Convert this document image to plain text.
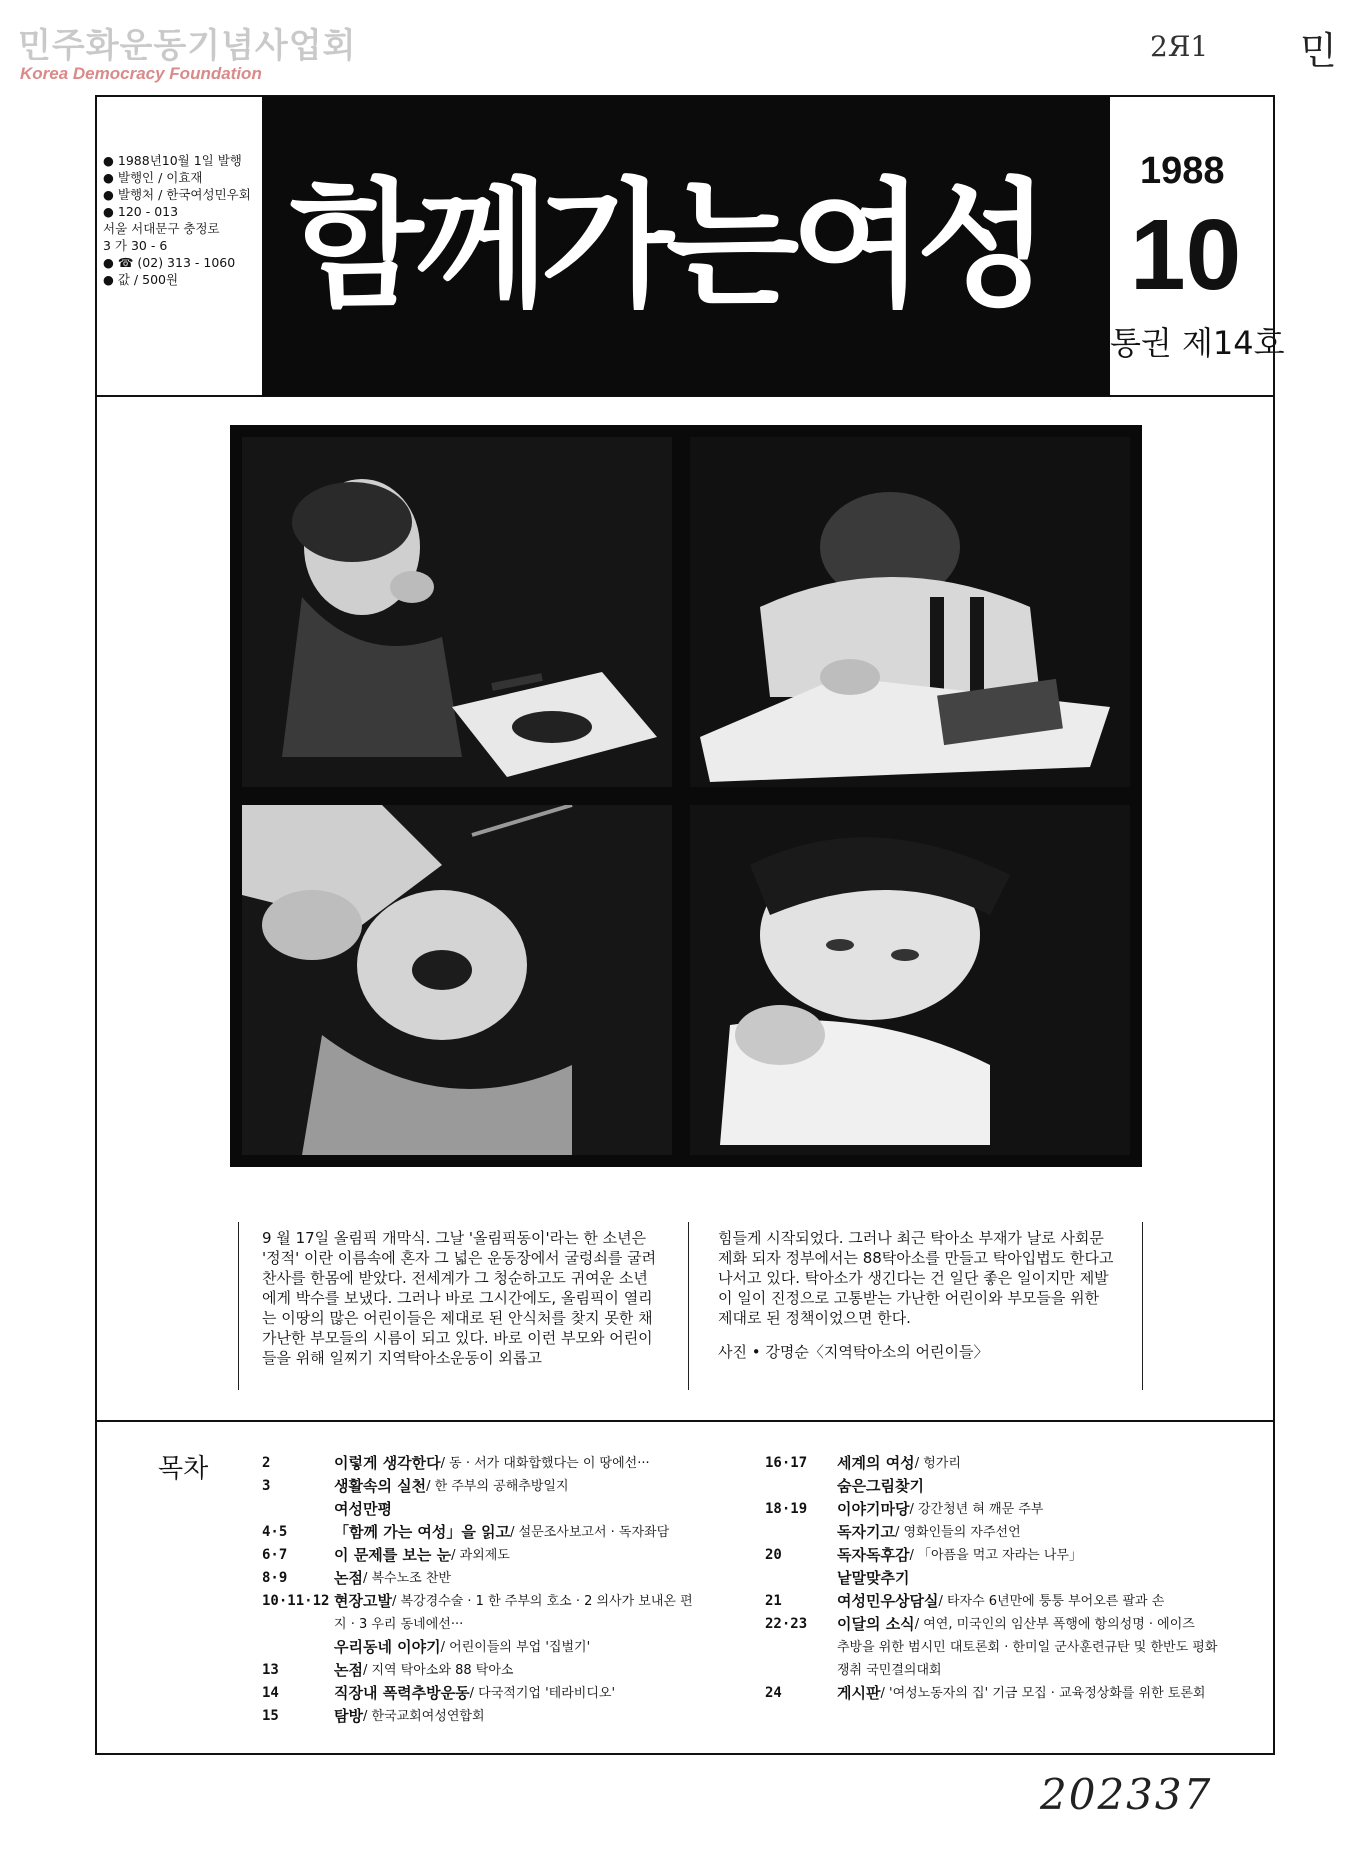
민주화운동기념사업회
Korea Democracy Foundation
2Я1 민
● 1988년10월 1일 발행
● 발행인 / 이효재
● 발행처 / 한국여성민우회
● 120 - 013
서울 서대문구 충정로
3 가 30 - 6
● ☎ (02) 313 - 1060
● 값 / 500원 함께가는여성	1988
10
통권 제14호
9 월 17일 올림픽 개막식. 그날 '올림픽동이'라는 한 소년은 '정적' 이란 이름속에 혼자 그 넓은 운동장에서 굴렁쇠를 굴려 찬사를 한몸에 받았다. 전세계가 그 청순하고도 귀여운 소년에게 박수를 보냈다. 그러나 바로 그시간에도, 올림픽이 열리는 이땅의 많은 어린이들은 제대로 된 안식처를 찾지 못한 채 가난한 부모들의 시름이 되고 있다. 바로 이런 부모와 어린이들을 위해 일찌기 지역탁아소운동이 외롭고
힘들게 시작되었다. 그러나 최근 탁아소 부재가 날로 사회문제화 되자 정부에서는 88탁아소를 만들고 탁아입법도 한다고 나서고 있다. 탁아소가 생긴다는 건 일단 좋은 일이지만 제발 이 일이 진정으로 고통받는 가난한 어린이와 부모들을 위한 제대로 된 정책이었으면 한다.
사진 • 강명순〈지역탁아소의 어린이들〉
목차	2	이렇게 생각한다 / 동 · 서가 대화합했다는 이 땅에선···
3	생활속의 실천 / 한 주부의 공해추방일지
여성만평
4·5	「함께 가는 여성」을 읽고 / 설문조사보고서 · 독자좌담
6·7	이 문제를 보는 눈 / 과외제도
8·9	논점 / 복수노조 찬반
10·11·12 현장고발 / 복강경수술 · 1 한 주부의 호소 · 2 의사가 보내온 편
지 · 3 우리 동네에선···
우리동네 이야기 / 어린이들의 부업 '집벌기'
13	논점 / 지역 탁아소와 88 탁아소
14	직장내 폭력추방운동 / 다국적기업 '테라비디오'
15	탐방 / 한국교회여성연합회
16·17	세계의 여성 / 헝가리
숨은그림찾기
18·19	이야기마당 / 강간청년 혀 깨문 주부
독자기고 / 영화인들의 자주선언
20	독자독후감 / 「아픔을 먹고 자라는 나무」
낱말맞추기
21	여성민우상담실 / 타자수 6년만에 퉁퉁 부어오른 팔과 손
22·23	이달의 소식 / 여연, 미국인의 임산부 폭행에 항의성명 · 에이즈
추방을 위한 범시민 대토론회 · 한미일 군사훈련규탄 및 한반도 평화
쟁취 국민결의대회
24	게시판 / '여성노동자의 집' 기금 모집 · 교육정상화를 위한 토론회
202337
